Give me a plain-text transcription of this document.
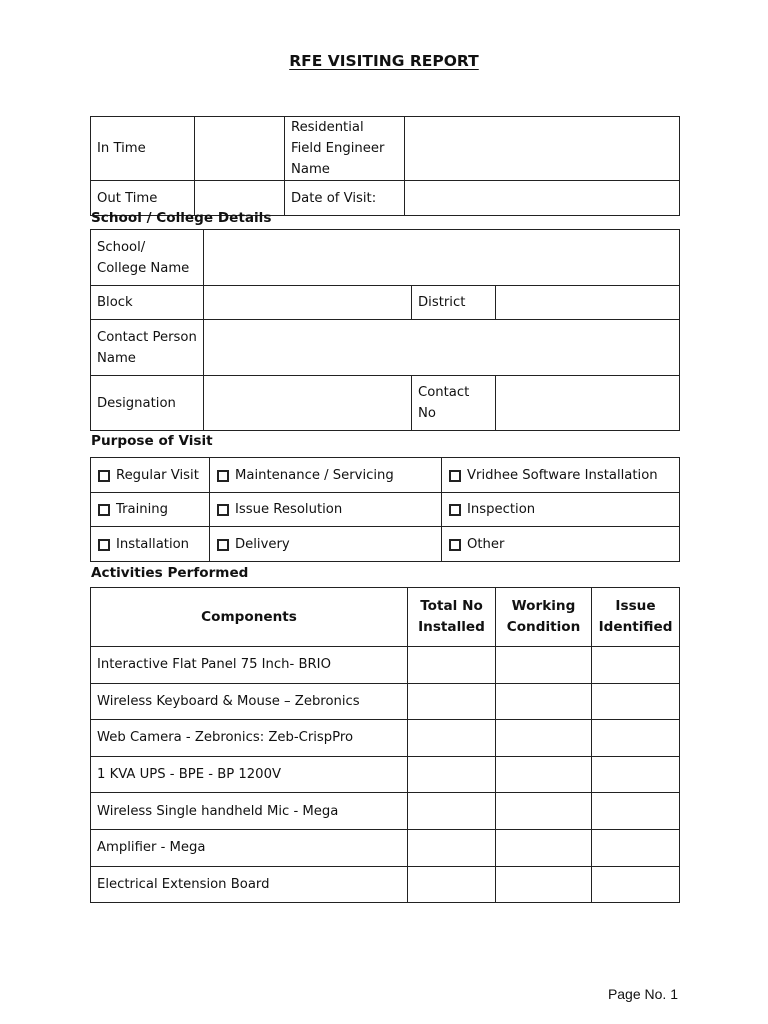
RFE VISITING REPORT
In Time		Residential Field Engineer Name	
Out Time		Date of Visit:	
School / College Details
School/ College Name			
Block		District	
Contact Person Name			
Designation		Contact No	
Purpose of Visit
Regular Visit	Maintenance / Servicing	Vridhee Software Installation
Training	Issue Resolution	Inspection
Installation	Delivery	Other
Activities Performed
Components	Total No Installed	Working Condition	Issue Identified
Interactive Flat Panel 75 Inch- BRIO			
Wireless Keyboard & Mouse – Zebronics			
Web Camera - Zebronics: Zeb-CrispPro			
1 KVA UPS - BPE - BP 1200V			
Wireless Single handheld Mic - Mega			
Amplifier - Mega			
Electrical Extension Board			
Page No. 1
